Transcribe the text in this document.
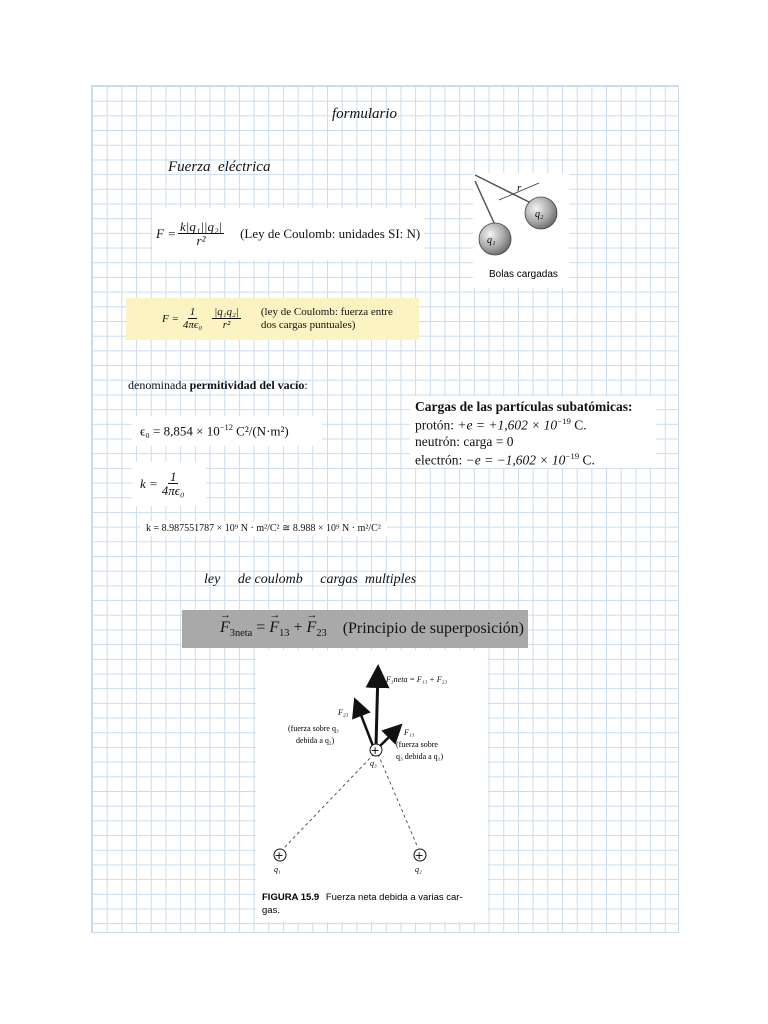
formulario
Fuerza  eléctrica
$F = \frac{\text{k|q₁||q₂|}}{\text{r²}} (Ley$ de Coulomb: unidades SI: N)
r
q₂
q₁
Bolas cargadas
$F = \frac{1}{\text{4πϵ₀}} \frac{\text{|q₁q₂|}}{\text{r²}} (ley$ de Coulomb: fuerza entre
dos cargas puntuales)
denominada permitividad del vacío:
$\epsilon_0 = 8,854 \times 10^{-12}$ C²/(N·m²)
$k = \frac{1}{\text{4πϵ₀}}$
k = 8.987551787 × 10⁹ N · m²/C² ≅ 8.988 × 10⁹ N · m²/C²
Cargas de las partículas subatómicas:
protón: $+e = +1,602 \times 10^{-19}$ C.
neutrón: carga = 0
electrón: $-e = -1,602 \times 10^{-19}$ C.
ley     de coulomb     cargas  multiples
→ $F_{3neta}$ = → $F_{13}$ + → $F_{23}$ (Principio de superposición)
+
+	+
F₃neta = F₁₃ + F₂₃
F₂₃
(fuerza sobre q₃
debida a q₂)
F₁₃
(fuerza sobre
q₃ debida a q₁)
q₃
q₁	q₂
FIGURA 15.9 Fuerza neta debida a varias car-
gas.
